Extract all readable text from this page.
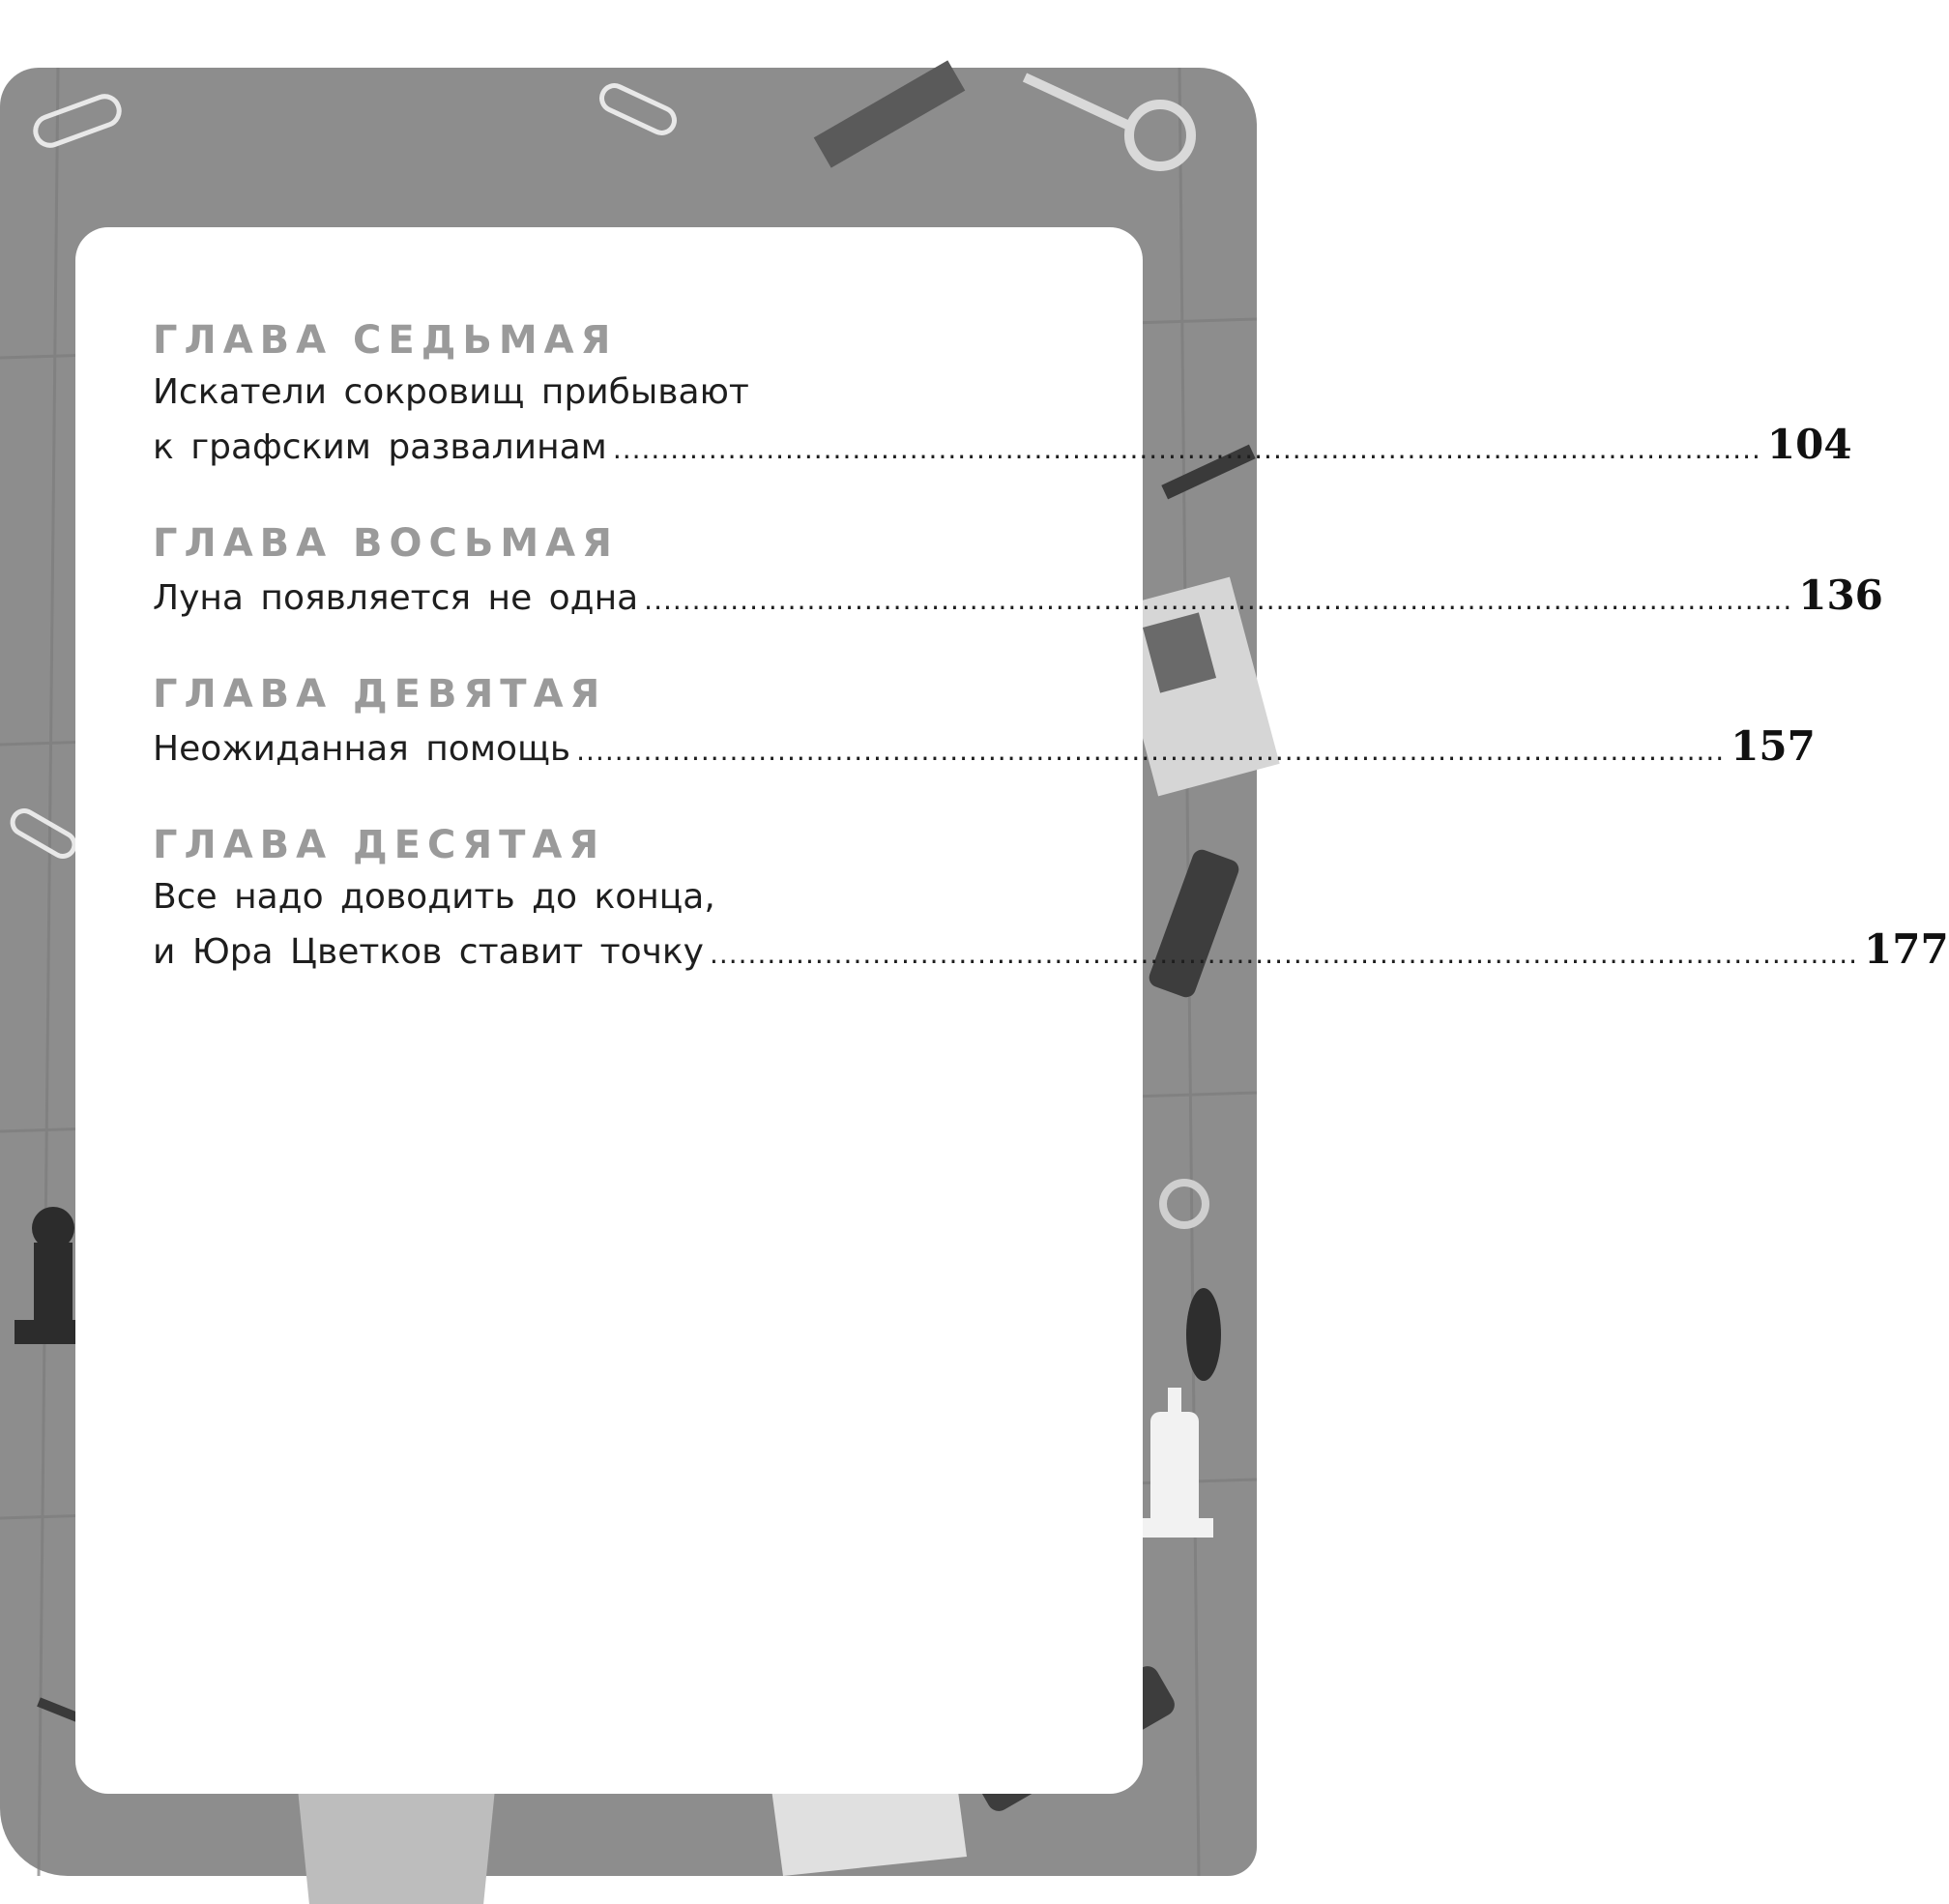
ГЛАВА СЕДЬМАЯ
Искатели сокровищ прибывают
к графским развалинам ........................................................................................................................ 104
ГЛАВА ВОСЬМАЯ
Луна появляется не одна ........................................................................................................................ 136
ГЛАВА ДЕВЯТАЯ
Неожиданная помощь ........................................................................................................................ 157
ГЛАВА ДЕСЯТАЯ
Все надо доводить до конца,
и Юра Цветков ставит точку ........................................................................................................................ 177
